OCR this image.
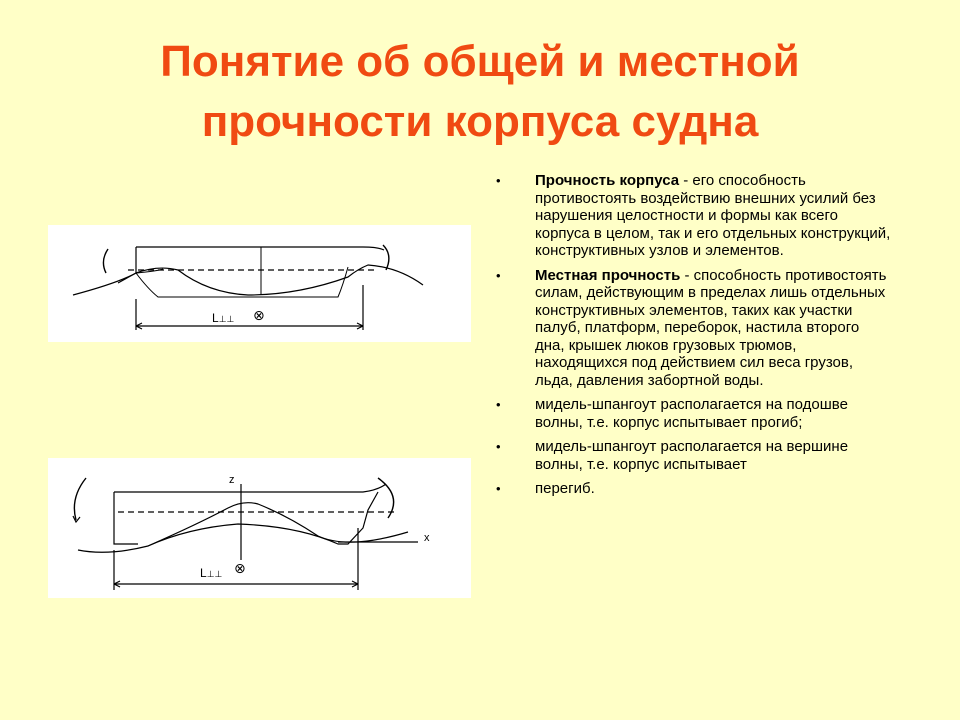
Понятие об общей и местной прочности корпуса судна
L⊥⊥ ⊗
z
x
L⊥⊥ ⊗
• Прочность корпуса - его способность противостоять воздействию внешних усилий без нарушения целостности и формы как всего корпуса в целом, так и его отдельных конструкций, конструктивных узлов и элементов.
• Местная прочность - способность противостоять силам, действующим в пределах лишь отдельных конструктивных элементов, таких как участки палуб, платформ, переборок, настила второго дна, крышек люков грузовых трюмов, находящихся под действием сил веса грузов, льда, давления забортной воды.
• мидель-шпангоут располагается на подошве волны, т.е. корпус испытывает прогиб;
• мидель-шпангоут располагается на вершине волны, т.е. корпус испытывает
• перегиб.
